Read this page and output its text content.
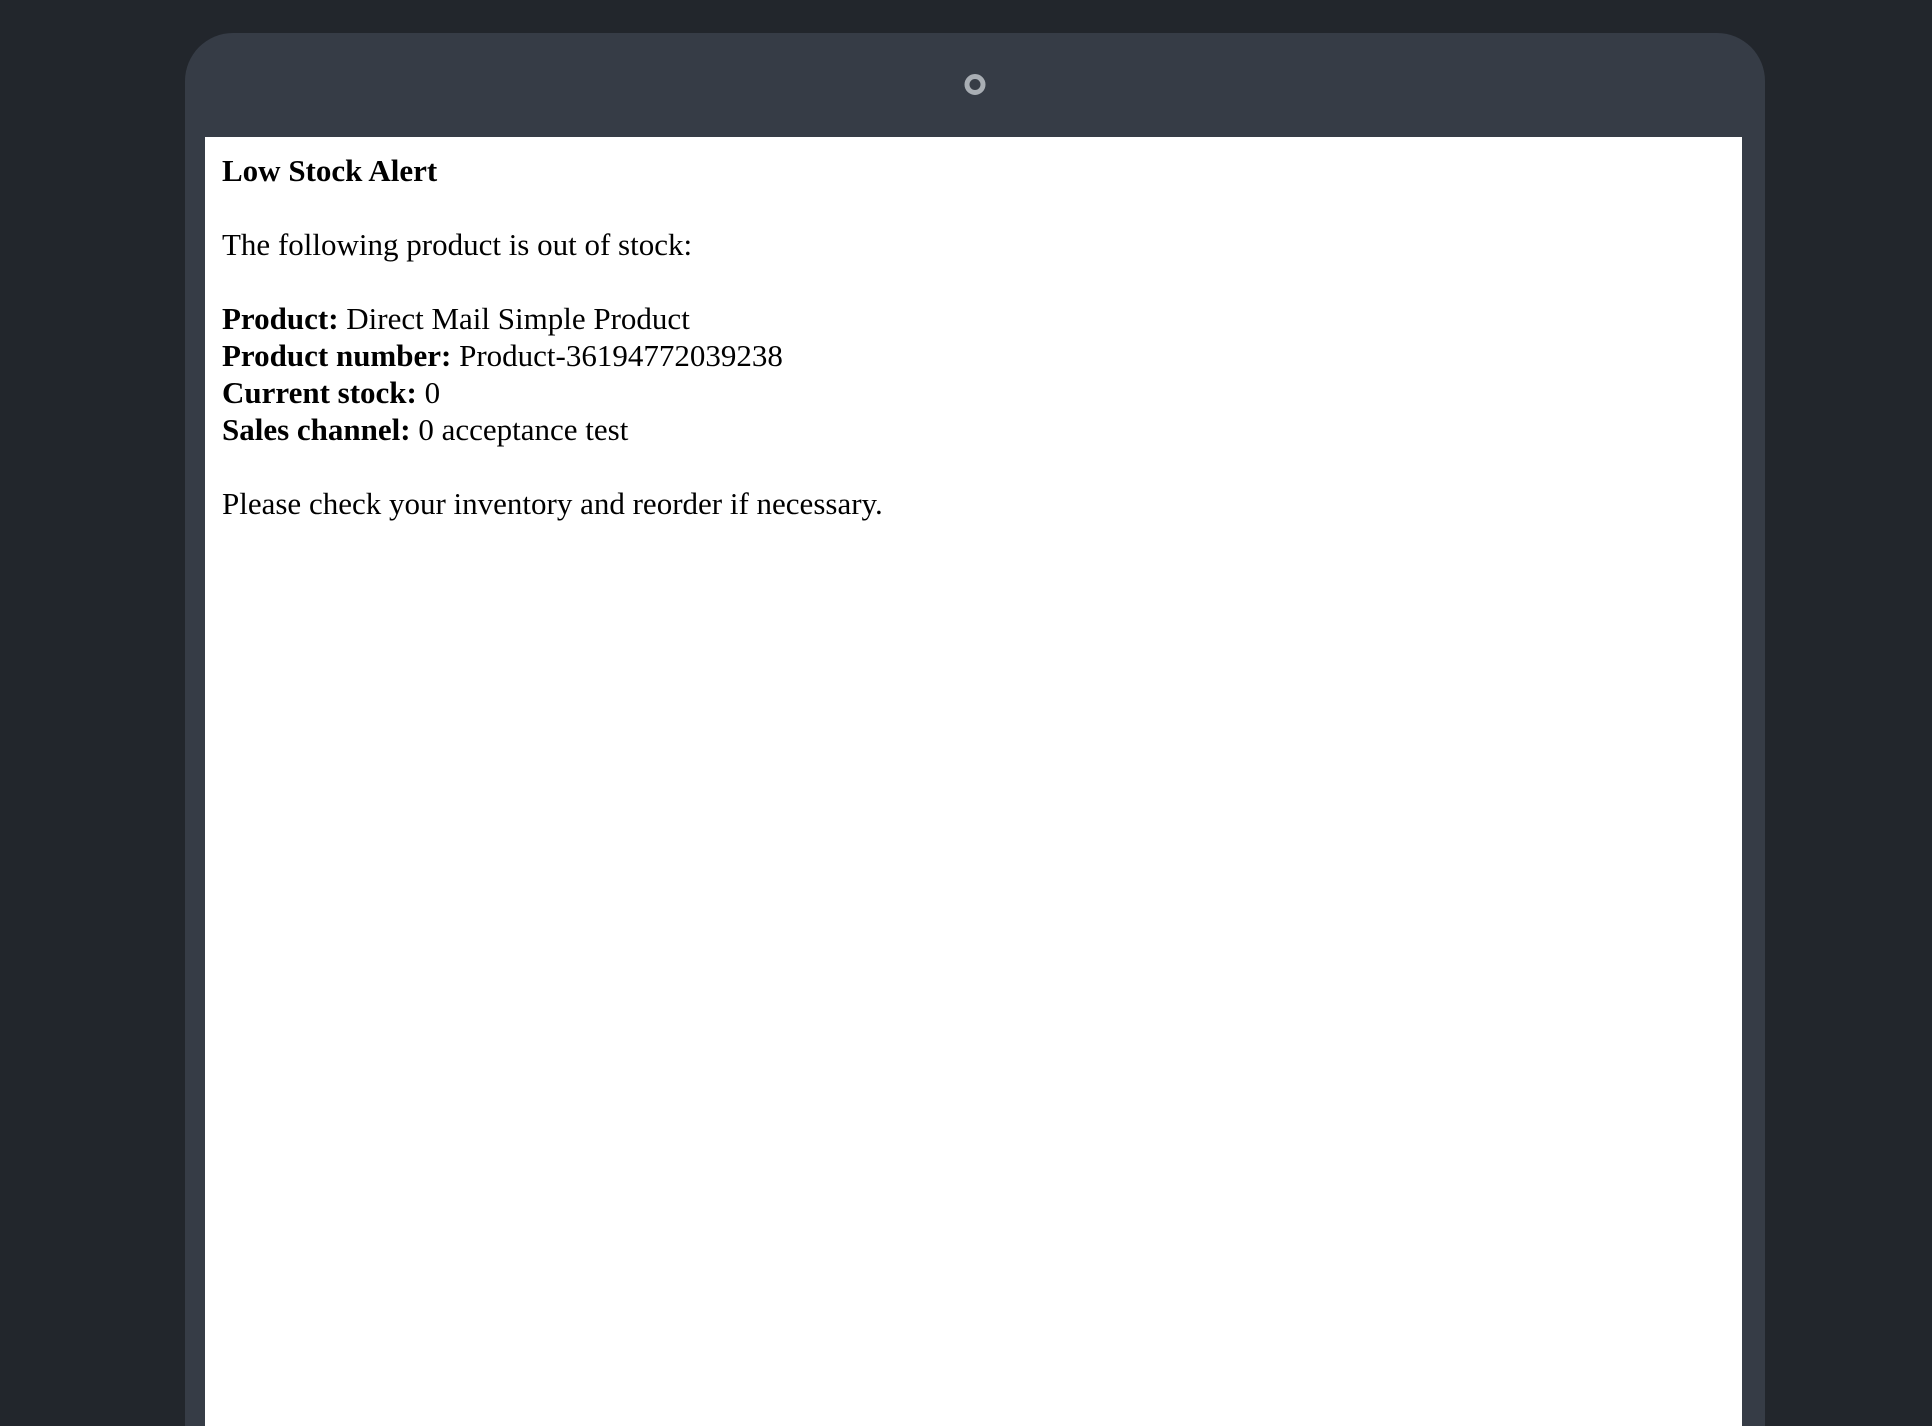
Low Stock Alert
The following product is out of stock:
Product: Direct Mail Simple Product
Product number: Product-36194772039238
Current stock: 0
Sales channel: 0 acceptance test
Please check your inventory and reorder if necessary.
